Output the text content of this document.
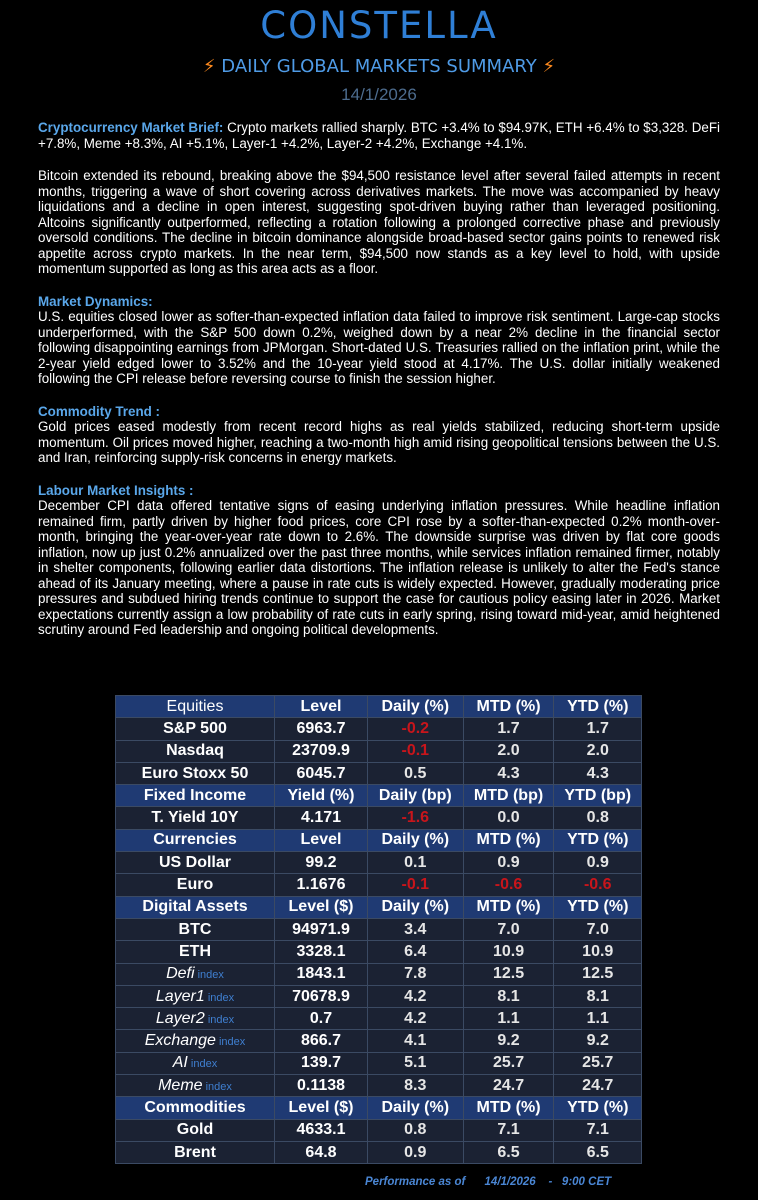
CONSTELLA
⚡ DAILY GLOBAL MARKETS SUMMARY ⚡
14/1/2026

Cryptocurrency Market Brief: Crypto markets rallied sharply. BTC +3.4% to $94.97K, ETH +6.4% to $3,328. DeFi +7.8%, Meme +8.3%, AI +5.1%, Layer-1 +4.2%, Layer-2 +4.2%, Exchange +4.1%.

Bitcoin extended its rebound, breaking above the $94,500 resistance level after several failed attempts in recent months, triggering a wave of short covering across derivatives markets. The move was accompanied by heavy liquidations and a decline in open interest, suggesting spot-driven buying rather than leveraged positioning. Altcoins significantly outperformed, reflecting a rotation following a prolonged corrective phase and previously oversold conditions. The decline in bitcoin dominance alongside broad-based sector gains points to renewed risk appetite across crypto markets. In the near term, $94,500 now stands as a key level to hold, with upside momentum supported as long as this area acts as a floor.

Market Dynamics:
U.S. equities closed lower as softer-than-expected inflation data failed to improve risk sentiment. Large-cap stocks underperformed, with the S&P 500 down 0.2%, weighed down by a near 2% decline in the financial sector following disappointing earnings from JPMorgan. Short-dated U.S. Treasuries rallied on the inflation print, while the 2-year yield edged lower to 3.52% and the 10-year yield stood at 4.17%. The U.S. dollar initially weakened following the CPI release before reversing course to finish the session higher.

Commodity Trend :
Gold prices eased modestly from recent record highs as real yields stabilized, reducing short-term upside momentum. Oil prices moved higher, reaching a two-month high amid rising geopolitical tensions between the U.S. and Iran, reinforcing supply-risk concerns in energy markets.

Labour Market Insights :
December CPI data offered tentative signs of easing underlying inflation pressures. While headline inflation remained firm, partly driven by higher food prices, core CPI rose by a softer-than-expected 0.2% month-over-month, bringing the year-over-year rate down to 2.6%. The downside surprise was driven by flat core goods inflation, now up just 0.2% annualized over the past three months, while services inflation remained firmer, notably in shelter components, following earlier data distortions. The inflation release is unlikely to alter the Fed's stance ahead of its January meeting, where a pause in rate cuts is widely expected. However, gradually moderating price pressures and subdued hiring trends continue to support the case for cautious policy easing later in 2026. Market expectations currently assign a low probability of rate cuts in early spring, rising toward mid-year, amid heightened scrutiny around Fed leadership and ongoing political developments.

Equities	Level	Daily (%)	MTD (%)	YTD (%)
S&P 500	6963.7	-0.2	1.7	1.7
Nasdaq	23709.9	-0.1	2.0	2.0
Euro Stoxx 50	6045.7	0.5	4.3	4.3
Fixed Income	Yield (%)	Daily (bp)	MTD (bp)	YTD (bp)
T. Yield 10Y	4.171	-1.6	0.0	0.8
Currencies	Level	Daily (%)	MTD (%)	YTD (%)
US Dollar	99.2	0.1	0.9	0.9
Euro	1.1676	-0.1	-0.6	-0.6
Digital Assets	Level ($)	Daily (%)	MTD (%)	YTD (%)
BTC	94971.9	3.4	7.0	7.0
ETH	3328.1	6.4	10.9	10.9
Defi index	1843.1	7.8	12.5	12.5
Layer1 index	70678.9	4.2	8.1	8.1
Layer2 index	0.7	4.2	1.1	1.1
Exchange index	866.7	4.1	9.2	9.2
AI index	139.7	5.1	25.7	25.7
Meme index	0.1138	8.3	24.7	24.7
Commodities	Level ($)	Daily (%)	MTD (%)	YTD (%)
Gold	4633.1	0.8	7.1	7.1
Brent	64.8	0.9	6.5	6.5
Performance as of 14/1/2026 - 9:00 CET
